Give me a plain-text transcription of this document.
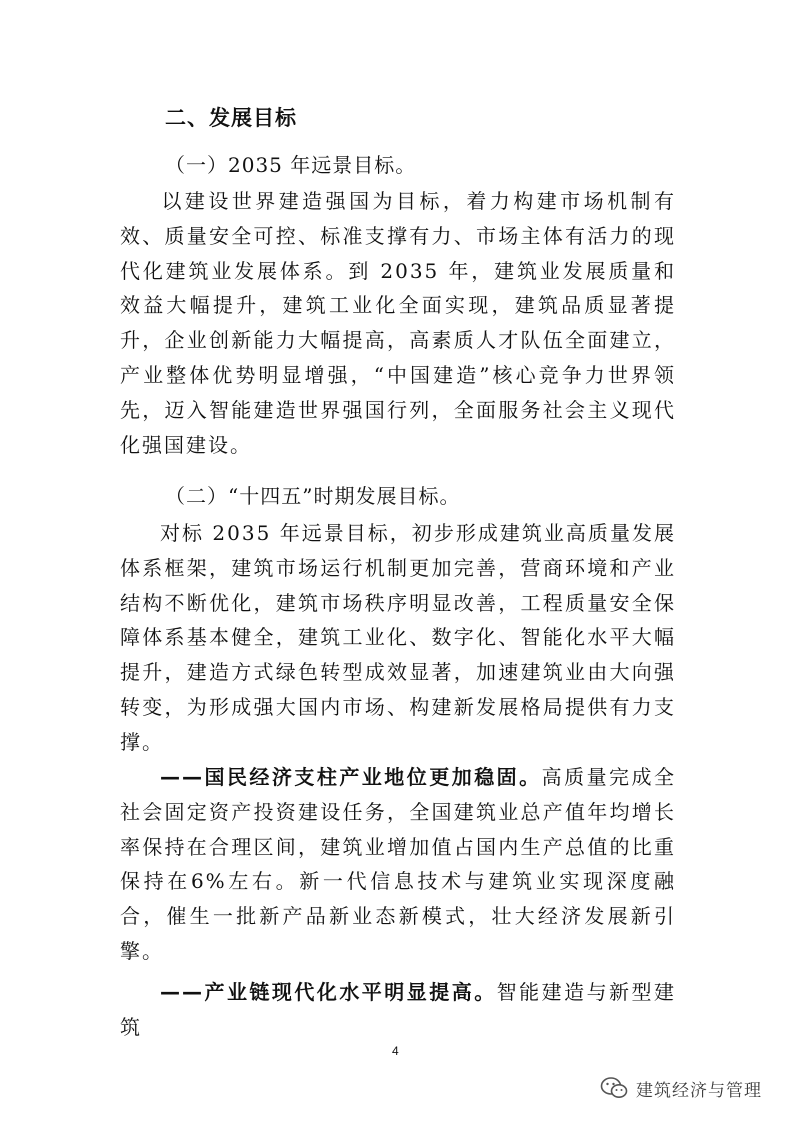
二、发展目标
（一）2035 年远景目标。
以建设世界建造强国为目标，着力构建市场机制有效、质量安全可控、标准支撑有力、市场主体有活力的现代化建筑业发展体系。到 2035 年，建筑业发展质量和效益大幅提升，建筑工业化全面实现，建筑品质显著提升，企业创新能力大幅提高，高素质人才队伍全面建立，产业整体优势明显增强，“中国建造”核心竞争力世界领先，迈入智能建造世界强国行列，全面服务社会主义现代化强国建设。
（二）“十四五”时期发展目标。
对标 2035 年远景目标，初步形成建筑业高质量发展体系框架，建筑市场运行机制更加完善，营商环境和产业结构不断优化，建筑市场秩序明显改善，工程质量安全保障体系基本健全，建筑工业化、数字化、智能化水平大幅提升，建造方式绿色转型成效显著，加速建筑业由大向强转变，为形成强大国内市场、构建新发展格局提供有力支撑。
——国民经济支柱产业地位更加稳固。高质量完成全社会固定资产投资建设任务，全国建筑业总产值年均增长率保持在合理区间，建筑业增加值占国内生产总值的比重保持在6%左右。新一代信息技术与建筑业实现深度融合，催生一批新产品新业态新模式，壮大经济发展新引擎。
——产业链现代化水平明显提高。智能建造与新型建筑
4
建筑经济与管理
